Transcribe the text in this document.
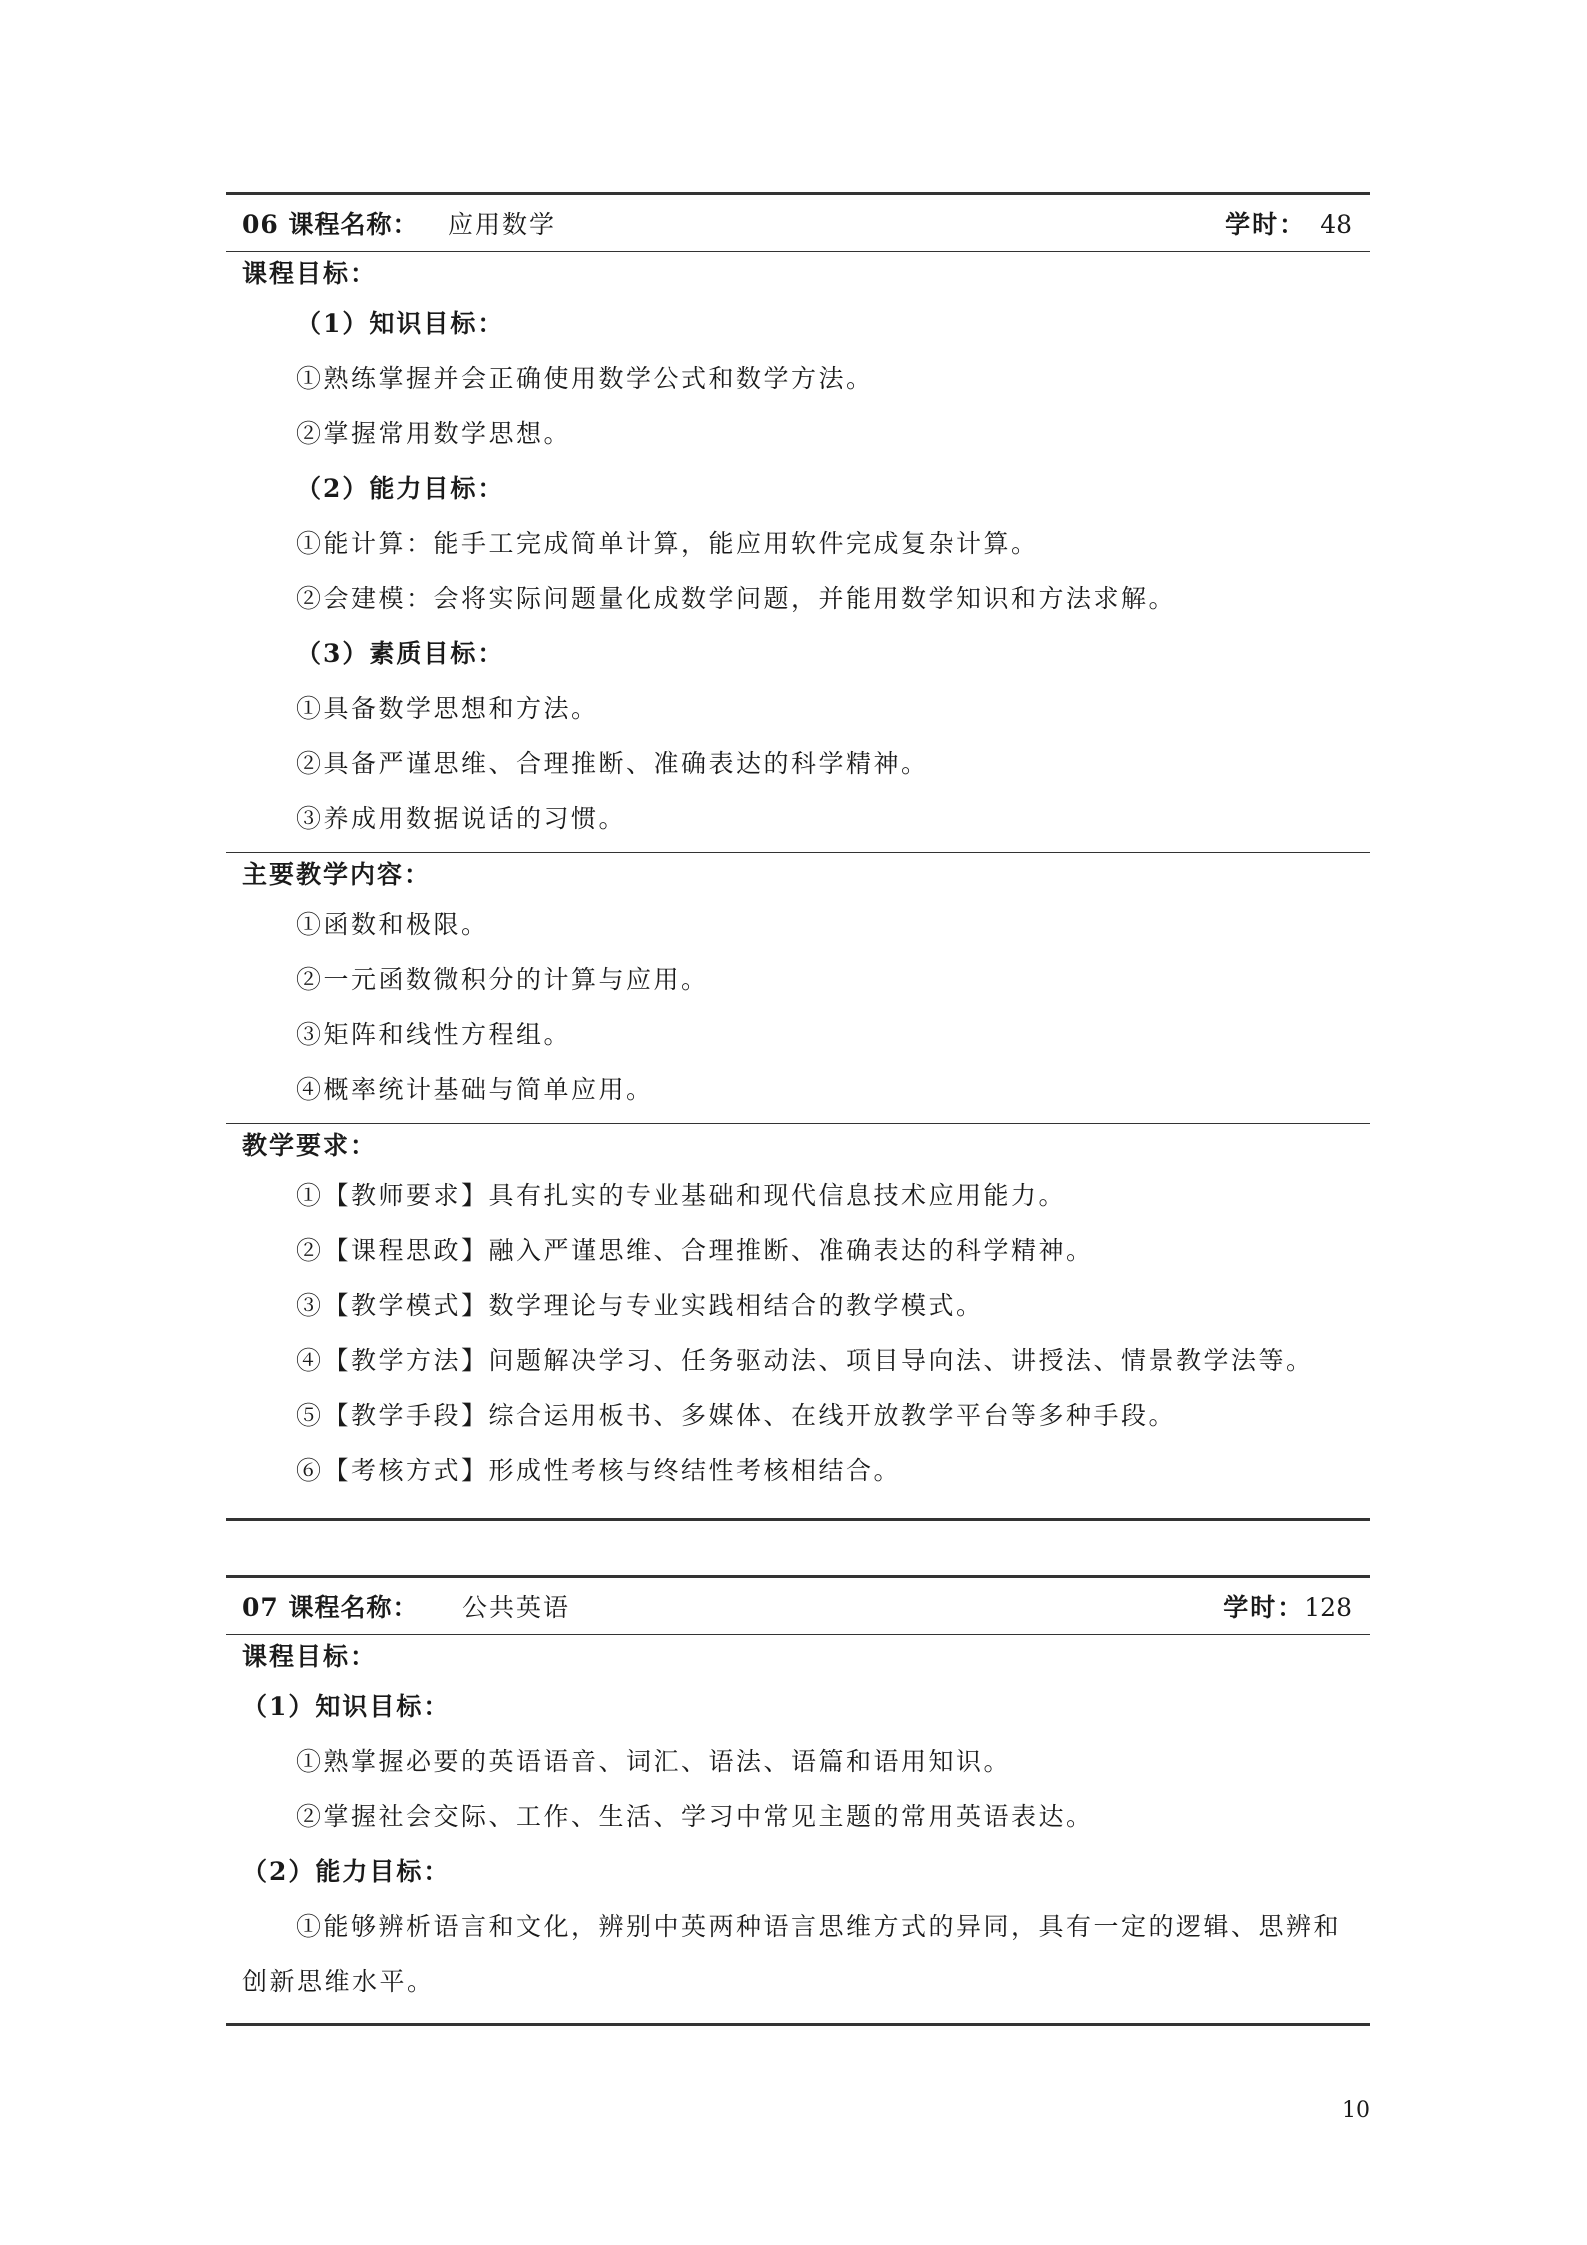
06 课程名称： 应用数学	学时： 48
课程目标：
（1）知识目标：
①熟练掌握并会正确使用数学公式和数学方法。
②掌握常用数学思想。
（2）能力目标：
①能计算：能手工完成简单计算，能应用软件完成复杂计算。
②会建模：会将实际问题量化成数学问题，并能用数学知识和方法求解。
（3）素质目标：
①具备数学思想和方法。
②具备严谨思维、合理推断、准确表达的科学精神。
③养成用数据说话的习惯。
主要教学内容：
①函数和极限。
②一元函数微积分的计算与应用。
③矩阵和线性方程组。
④概率统计基础与简单应用。
教学要求：
①【教师要求】具有扎实的专业基础和现代信息技术应用能力。
②【课程思政】融入严谨思维、合理推断、准确表达的科学精神。
③【教学模式】数学理论与专业实践相结合的教学模式。
④【教学方法】问题解决学习、任务驱动法、项目导向法、讲授法、情景教学法等。
⑤【教学手段】综合运用板书、多媒体、在线开放教学平台等多种手段。
⑥【考核方式】形成性考核与终结性考核相结合。
07 课程名称： 公共英语	学时：128
课程目标：
（1）知识目标：
①熟掌握必要的英语语音、词汇、语法、语篇和语用知识。
②掌握社会交际、工作、生活、学习中常见主题的常用英语表达。
（2）能力目标：
①能够辨析语言和文化，辨别中英两种语言思维方式的异同，具有一定的逻辑、思辨和
创新思维水平。
10
